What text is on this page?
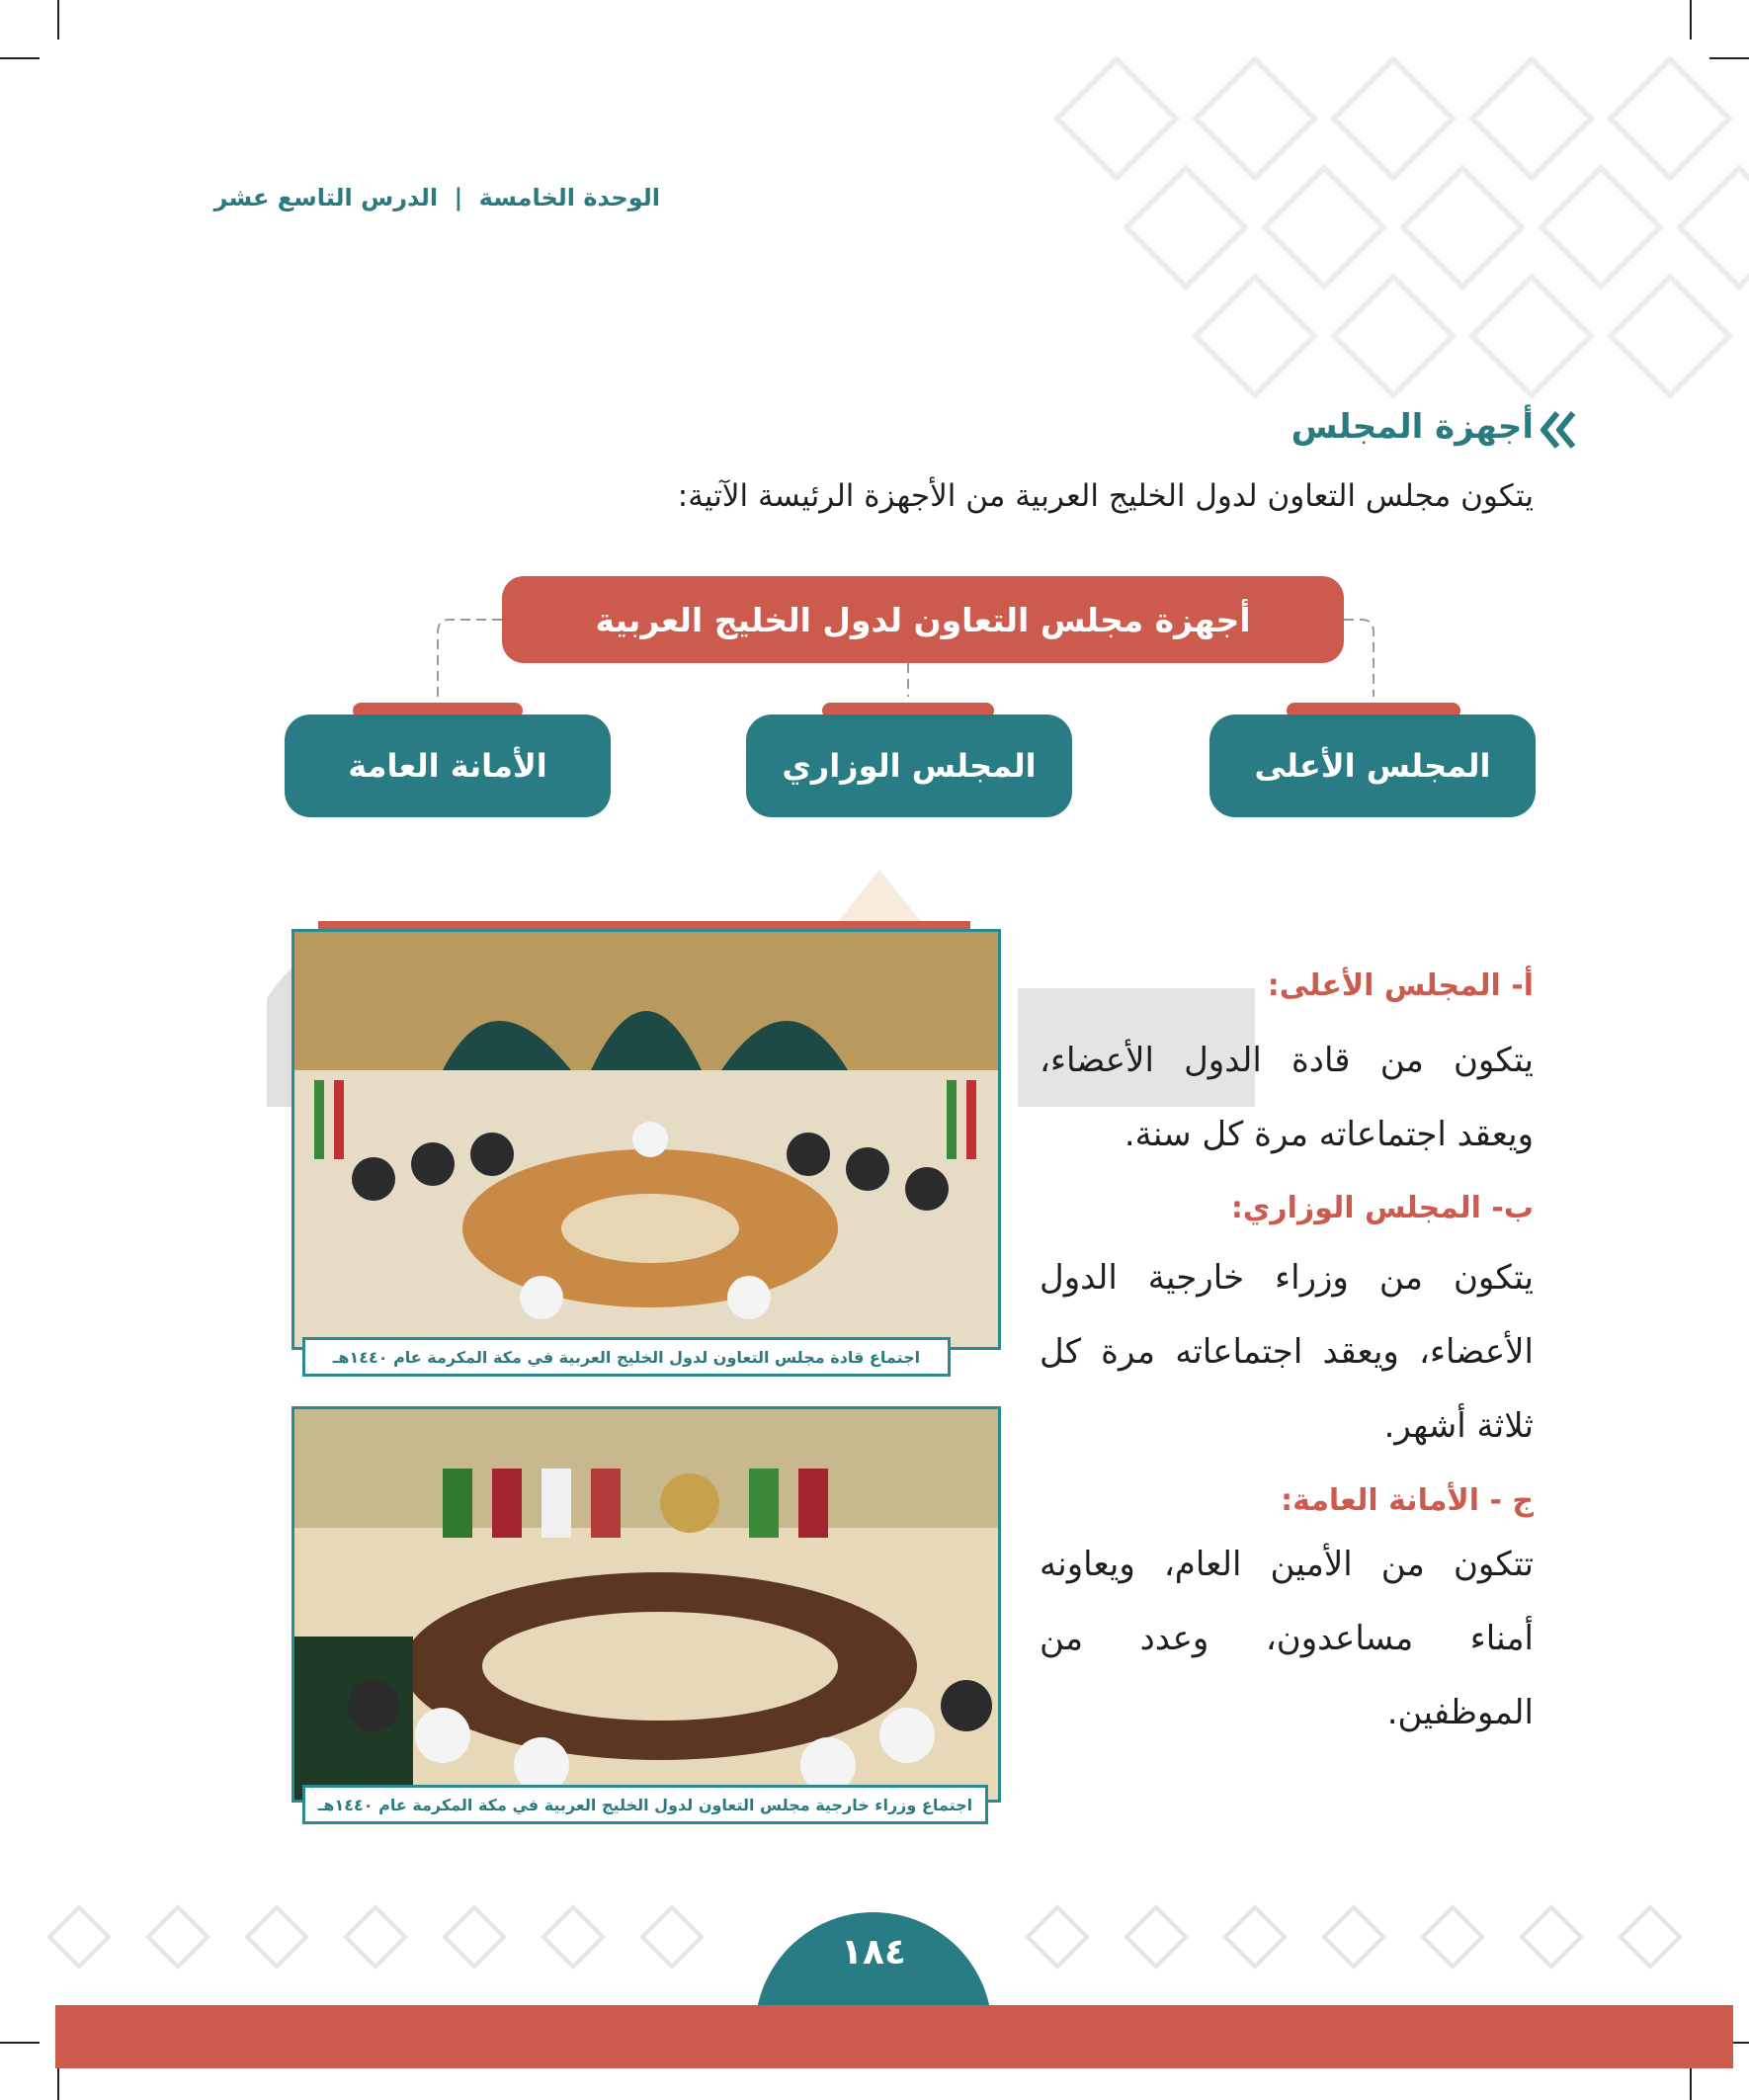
الوحدة الخامسة | الدرس التاسع عشر
أجهزة المجلس
يتكون مجلس التعاون لدول الخليج العربية من الأجهزة الرئيسة الآتية:
أجهزة مجلس التعاون لدول الخليج العربية
المجلس الأعلى
المجلس الوزاري
الأمانة العامة
اجتماع قادة مجلس التعاون لدول الخليج العربية في مكة المكرمة عام ١٤٤٠هـ
اجتماع وزراء خارجية مجلس التعاون لدول الخليج العربية في مكة المكرمة عام ١٤٤٠هـ
أ- المجلس الأعلى:
يتكون من قادة الدول الأعضاء، ويعقد اجتماعاته مرة كل سنة.
ب- المجلس الوزاري:
يتكون من وزراء خارجية الدول الأعضاء، ويعقد اجتماعاته مرة كل ثلاثة أشهر.
ج - الأمانة العامة:
تتكون من الأمين العام، ويعاونه أمناء مساعدون، وعدد من الموظفين.
١٨٤
